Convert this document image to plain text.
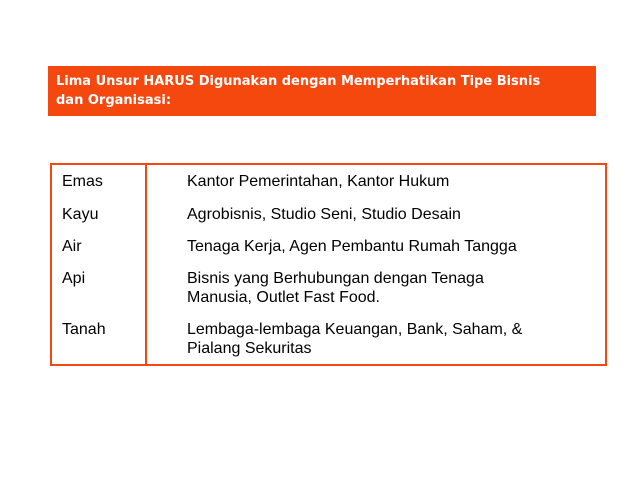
Lima Unsur HARUS Digunakan dengan Memperhatikan Tipe Bisnis
dan Organisasi:
Emas	Kantor Pemerintahan, Kantor Hukum
Kayu	Agrobisnis, Studio Seni, Studio Desain
Air	Tenaga Kerja, Agen Pembantu Rumah Tangga
Api	Bisnis yang Berhubungan dengan Tenaga
Manusia, Outlet Fast Food.
Tanah	Lembaga-lembaga Keuangan, Bank, Saham, &
Pialang Sekuritas
